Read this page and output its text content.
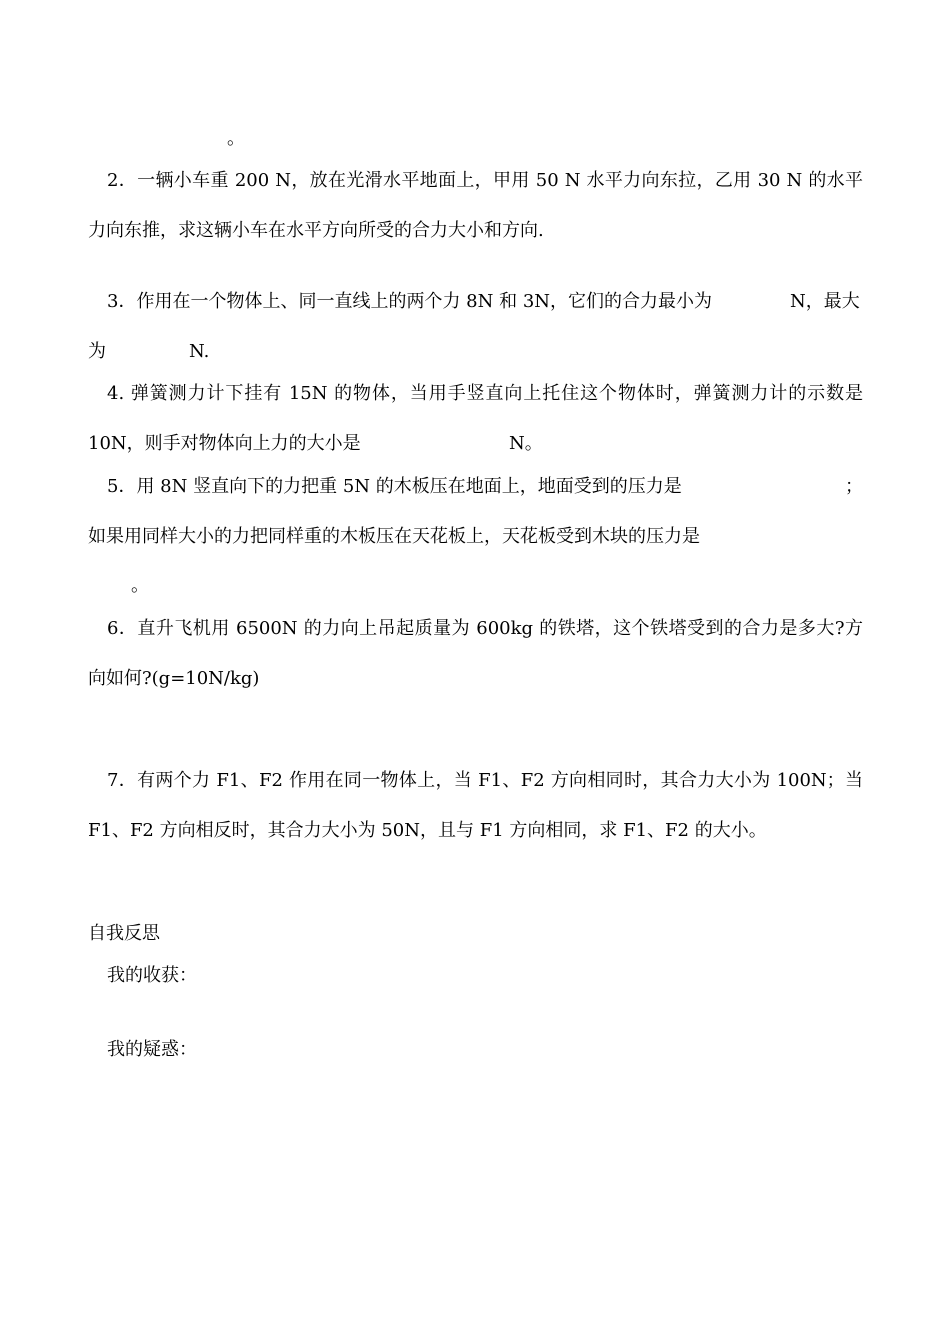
。
2．一辆小车重 200 N，放在光滑水平地面上，甲用 50 N 水平力向东拉，乙用 30 N 的水平
力向东推，求这辆小车在水平方向所受的合力大小和方向.
3．作用在一个物体上、同一直线上的两个力 8N 和 3N，它们的合力最小为	N，最大
为	N.
4. 弹簧测力计下挂有 15N 的物体，当用手竖直向上托住这个物体时，弹簧测力计的示数是
10N，则手对物体向上力的大小是	N。
5．用 8N 竖直向下的力把重 5N 的木板压在地面上，地面受到的压力是	；
如果用同样大小的力把同样重的木板压在天花板上，天花板受到木块的压力是
。
6．直升飞机用 6500N 的力向上吊起质量为 600kg 的铁塔，这个铁塔受到的合力是多大?方
向如何?(g=10N/kg)
7．有两个力 F1、F2 作用在同一物体上，当 F1、F2 方向相同时，其合力大小为 100N；当
F1、F2 方向相反时，其合力大小为 50N，且与 F1 方向相同，求 F1、F2 的大小。
自我反思
我的收获：
我的疑惑：
